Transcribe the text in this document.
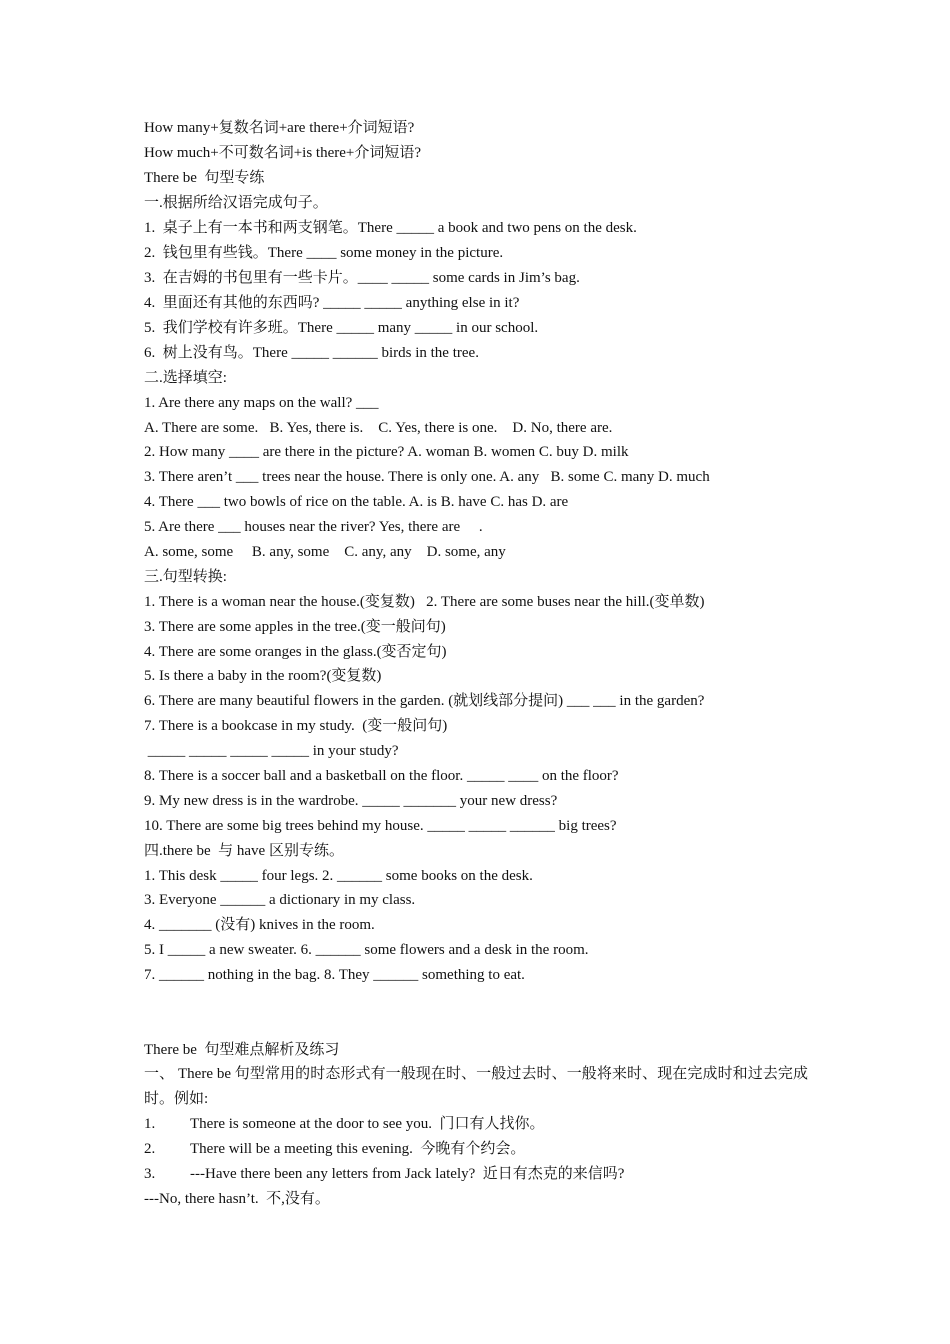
How many+复数名词+are there+介词短语?
How much+不可数名词+is there+介词短语?
There be  句型专练
一.根据所给汉语完成句子。
1.  桌子上有一本书和两支钢笔。There _____ a book and two pens on the desk.
2.  钱包里有些钱。There ____ some money in the picture.
3.  在吉姆的书包里有一些卡片。____ _____ some cards in Jim’s bag.
4.  里面还有其他的东西吗? _____ _____ anything else in it?
5.  我们学校有许多班。There _____ many _____ in our school.
6.  树上没有鸟。There _____ ______ birds in the tree.
二.选择填空:
1. Are there any maps on the wall? ___
A. There are some.   B. Yes, there is.    C. Yes, there is one.    D. No, there are.
2. How many ____ are there in the picture? A. woman B. women C. buy D. milk
3. There aren’t ___ trees near the house. There is only one. A. any   B. some C. many D. much
4. There ___ two bowls of rice on the table. A. is B. have C. has D. are
5. Are there ___ houses near the river? Yes, there are     .
A. some, some     B. any, some    C. any, any    D. some, any
三.句型转换:
1. There is a woman near the house.(变复数)   2. There are some buses near the hill.(变单数)
3. There are some apples in the tree.(变一般问句)
4. There are some oranges in the glass.(变否定句)
5. Is there a baby in the room?(变复数)
6. There are many beautiful flowers in the garden. (就划线部分提问) ___ ___ in the garden?
7. There is a bookcase in my study.  (变一般问句)
_____ _____ _____ _____ in your study?
8. There is a soccer ball and a basketball on the floor. _____ ____ on the floor?
9. My new dress is in the wardrobe. _____ _______ your new dress?
10. There are some big trees behind my house. _____ _____ ______ big trees?
四.there be  与 have 区别专练。
1. This desk _____ four legs. 2. ______ some books on the desk.
3. Everyone ______ a dictionary in my class.
4. _______ (没有) knives in the room.
5. I _____ a new sweater. 6. ______ some flowers and a desk in the room.
7. ______ nothing in the bag. 8. They ______ something to eat.
There be  句型难点解析及练习
一、 There be 句型常用的时态形式有一般现在时、一般过去时、一般将来时、现在完成时和过去完成时。例如:
1. There is someone at the door to see you.  门口有人找你。
2. There will be a meeting this evening.  今晚有个约会。
3. ---Have there been any letters from Jack lately?  近日有杰克的来信吗?
---No, there hasn’t.  不,没有。
